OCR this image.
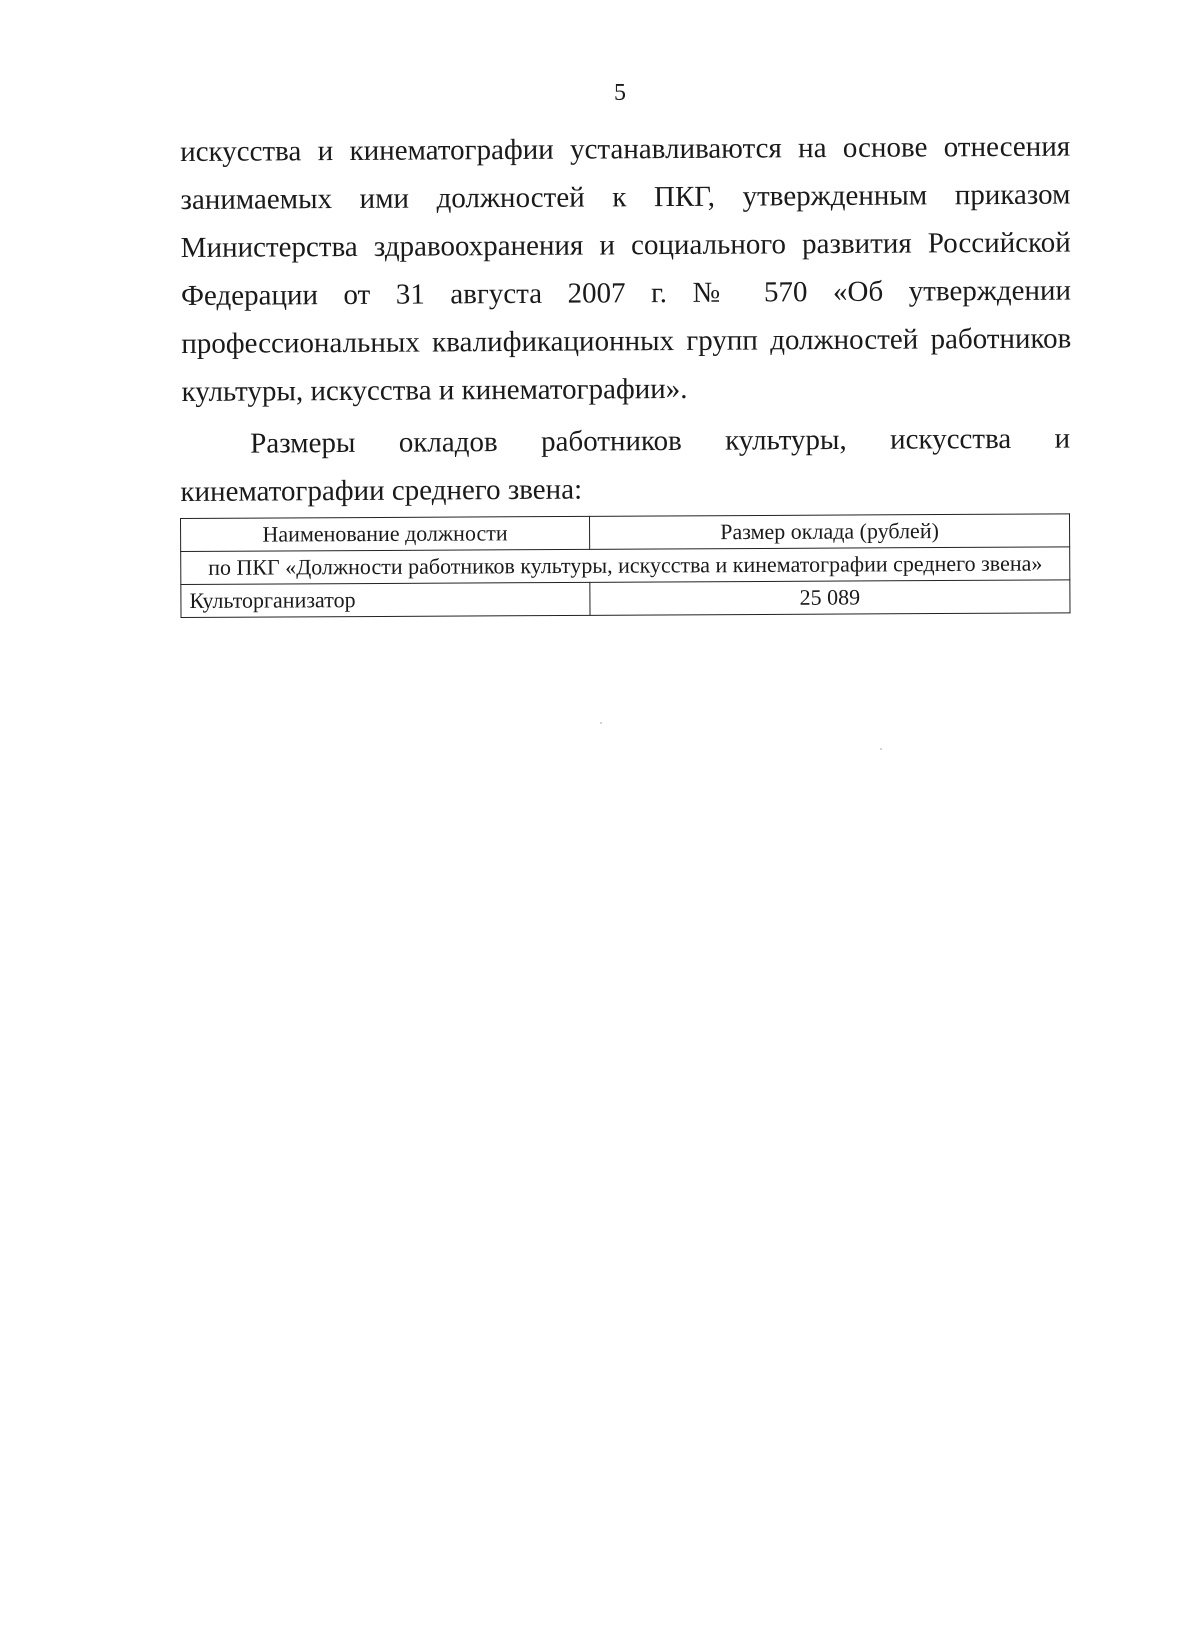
5

искусства и кинематографии устанавливаются на основе отнесения занимаемых ими должностей к ПКГ, утвержденным приказом Министерства здравоохранения и социального развития Российской Федерации от 31 августа 2007 г. № 570 «Об утверждении профессиональных квалификационных групп должностей работников культуры, искусства и кинематографии».

Размеры окладов работников культуры, искусства и кинематографии среднего звена:

Наименование должности	Размер оклада (рублей)
по ПКГ «Должности работников культуры, искусства и кинематографии среднего звена»	
Культорганизатор	25 089
